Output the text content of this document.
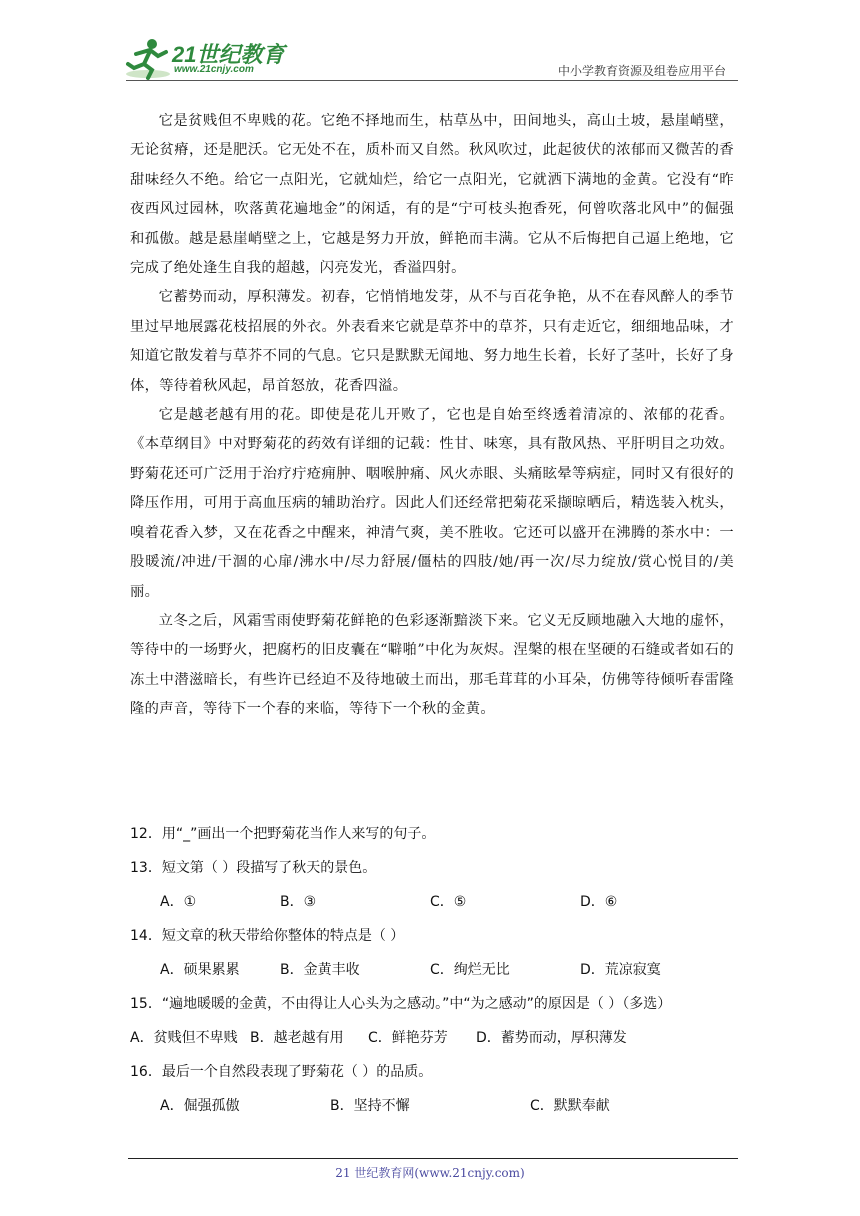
21世纪教育
www.21cnjy.com	中小学教育资源及组卷应用平台

它是贫贱但不卑贱的花。它绝不择地而生，枯草丛中，田间地头，高山土坡，悬崖峭壁，无论贫瘠，还是肥沃。它无处不在，质朴而又自然。秋风吹过，此起彼伏的浓郁而又微苦的香甜味经久不绝。给它一点阳光，它就灿烂，给它一点阳光，它就洒下满地的金黄。它没有“昨夜西风过园林，吹落黄花遍地金”的闲适，有的是“宁可枝头抱香死，何曾吹落北风中”的倔强和孤傲。越是悬崖峭壁之上，它越是努力开放，鲜艳而丰满。它从不后悔把自己逼上绝地，它完成了绝处逢生自我的超越，闪亮发光，香溢四射。

它蓄势而动，厚积薄发。初春，它悄悄地发芽，从不与百花争艳，从不在春风醉人的季节里过早地展露花枝招展的外衣。外表看来它就是草芥中的草芥，只有走近它，细细地品味，才知道它散发着与草芥不同的气息。它只是默默无闻地、努力地生长着，长好了茎叶，长好了身体，等待着秋风起，昂首怒放，花香四溢。

它是越老越有用的花。即使是花儿开败了，它也是自始至终透着清凉的、浓郁的花香。《本草纲目》中对野菊花的药效有详细的记载：性甘、味寒，具有散风热、平肝明目之功效。野菊花还可广泛用于治疗疔疮痈肿、咽喉肿痛、风火赤眼、头痛眩晕等病症，同时又有很好的降压作用，可用于高血压病的辅助治疗。因此人们还经常把菊花采撷晾晒后，精选装入枕头，嗅着花香入梦，又在花香之中醒来，神清气爽，美不胜收。它还可以盛开在沸腾的茶水中：一股暖流/冲进/干涸的心扉/沸水中/尽力舒展/僵枯的四肢/她/再一次/尽力绽放/赏心悦目的/美丽。

立冬之后，风霜雪雨使野菊花鲜艳的色彩逐渐黯淡下来。它义无反顾地融入大地的虚怀，等待中的一场野火，把腐朽的旧皮囊在“噼啪”中化为灰烬。涅槃的根在坚硬的石缝或者如石的冻土中潜滋暗长，有些许已经迫不及待地破土而出，那毛茸茸的小耳朵，仿佛等待倾听春雷隆隆的声音，等待下一个春的来临，等待下一个秋的金黄。

12．用“_”画出一个把野菊花当作人来写的句子。
13．短文第（ ）段描写了秋天的景色。
A．①	B．③	C．⑤	D．⑥
14．短文章的秋天带给你整体的特点是（ ）
A．硕果累累	B．金黄丰收	C．绚烂无比	D．荒凉寂寞
15．“遍地暖暖的金黄，不由得让人心头为之感动。”中“为之感动”的原因是（ ）（多选）
A．贫贱但不卑贱 B．越老越有用 C．鲜艳芬芳 D．蓄势而动，厚积薄发
16．最后一个自然段表现了野菊花（ ）的品质。
A．倔强孤傲	B．坚持不懈	C．默默奉献
21 世纪教育网(www.21cnjy.com)
